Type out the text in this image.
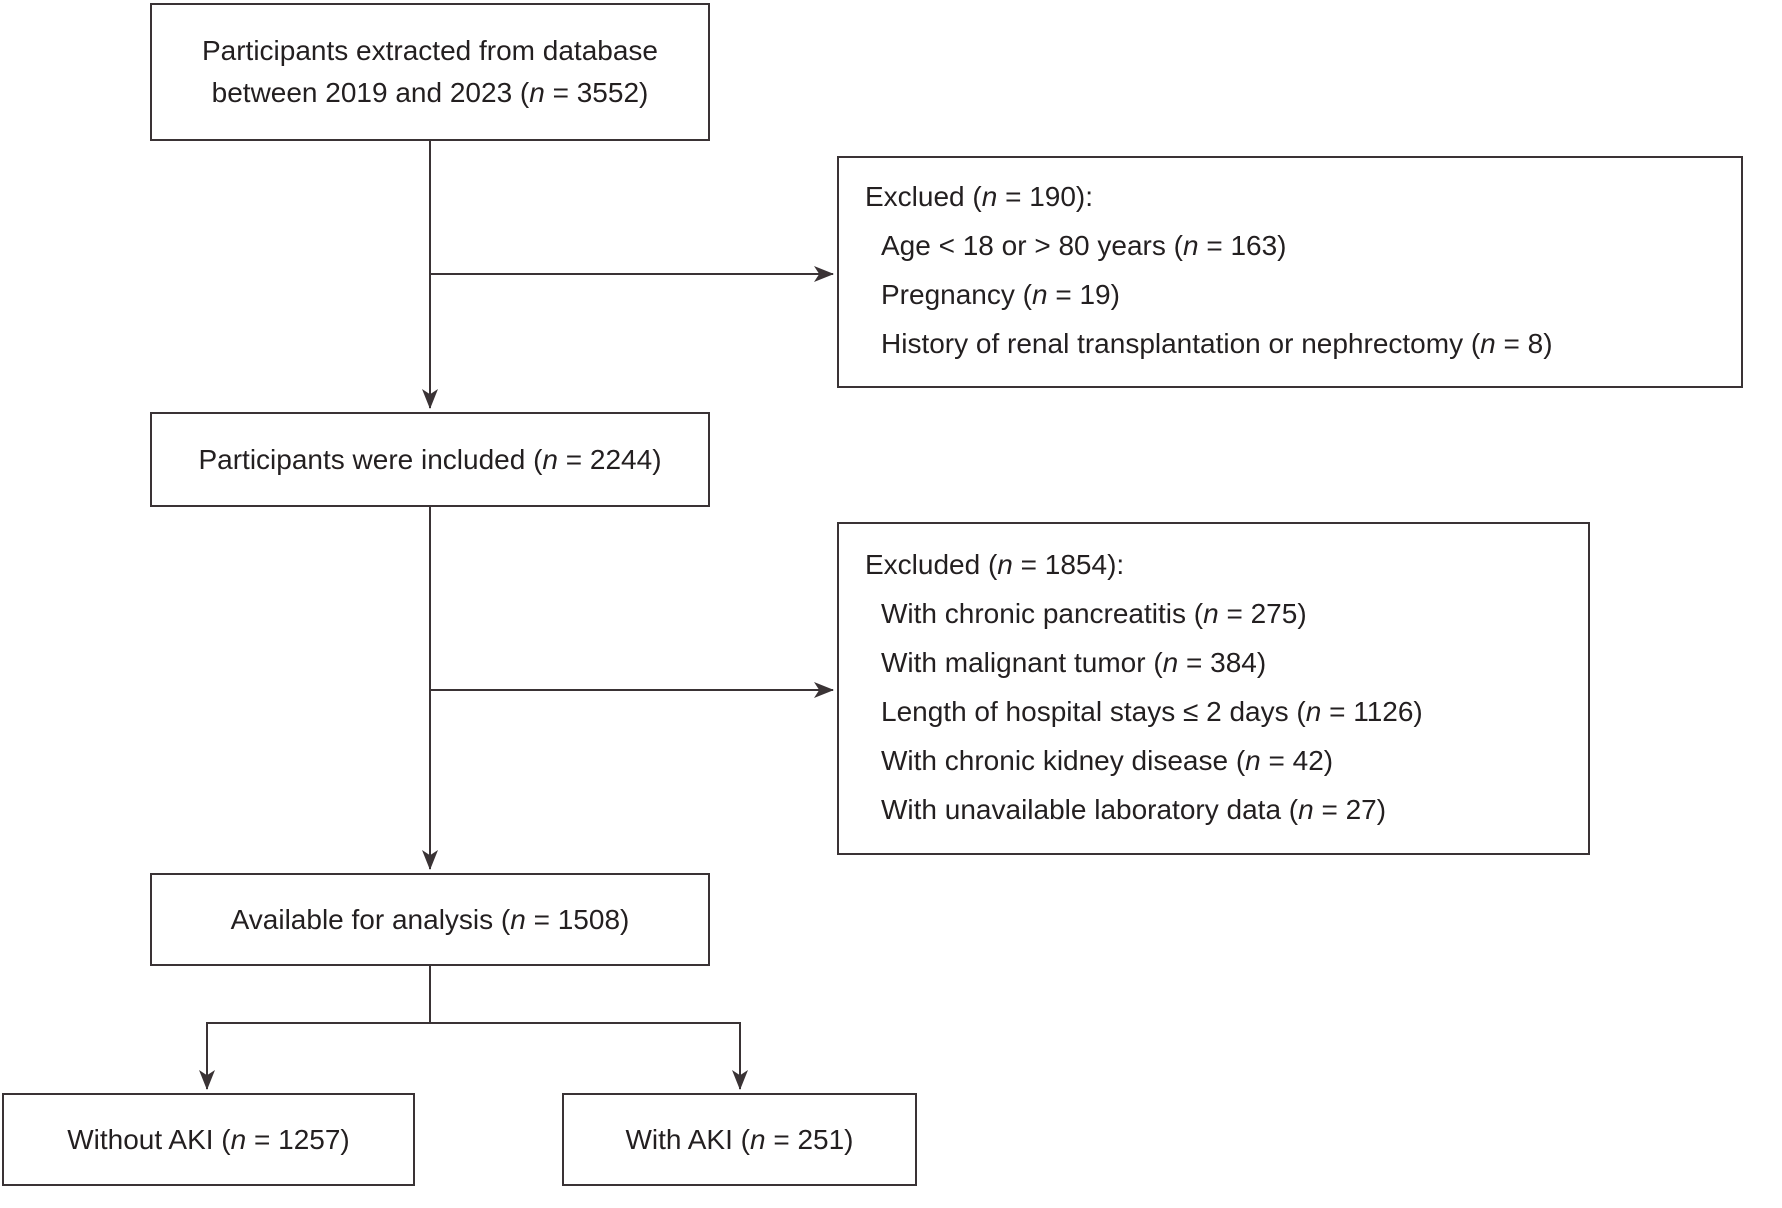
Participants extracted from database
between 2019 and 2023 (n = 3552)
Exclued (n = 190):
Age < 18 or > 80 years (n = 163)
Pregnancy (n = 19)
History of renal transplantation or nephrectomy (n = 8)
Participants were included (n = 2244)
Excluded (n = 1854):
With chronic pancreatitis (n = 275)
With malignant tumor (n = 384)
Length of hospital stays ≤ 2 days (n = 1126)
With chronic kidney disease (n = 42)
With unavailable laboratory data (n = 27)
Available for analysis (n = 1508)
Without AKI (n = 1257)	With AKI (n = 251)
